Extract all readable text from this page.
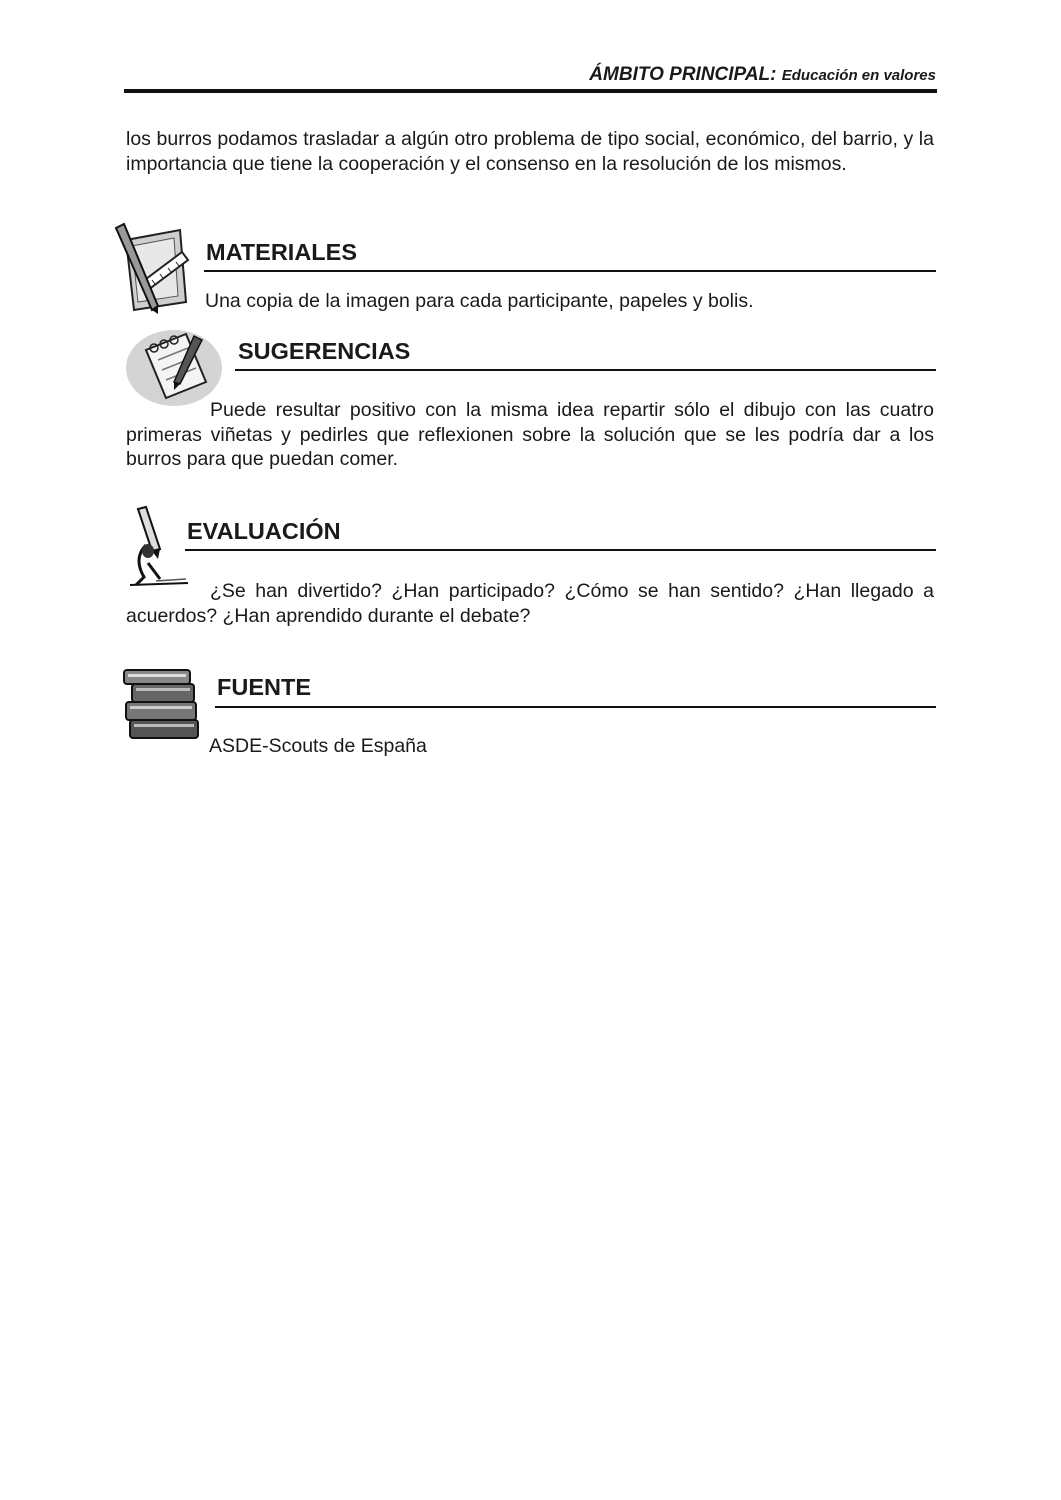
ÁMBITO PRINCIPAL: Educación en valores
los burros podamos trasladar a algún otro problema de tipo social, económico, del barrio, y la importancia que tiene la cooperación y el consenso en la resolución de los mismos.
MATERIALES
Una copia de la imagen para cada participante, papeles y bolis.
SUGERENCIAS
Puede resultar positivo con la misma idea repartir sólo el dibujo con las cuatro primeras viñetas y pedirles que reflexionen sobre la solución que se les podría dar a los burros para que puedan comer.
EVALUACIÓN
¿Se han divertido? ¿Han participado? ¿Cómo se han sentido? ¿Han llegado a acuerdos? ¿Han aprendido durante el debate?
FUENTE
ASDE-Scouts de España
